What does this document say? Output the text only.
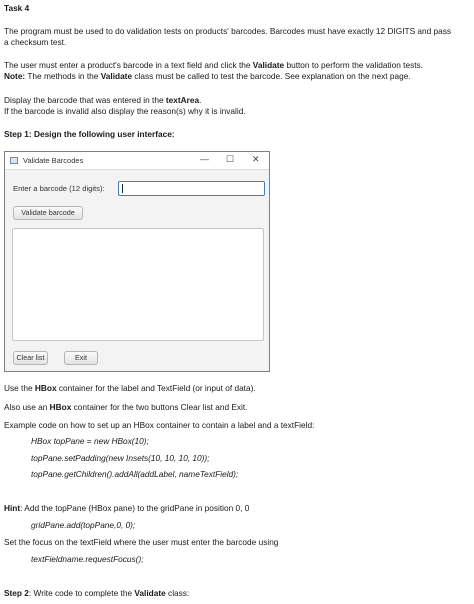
Task 4
The program must be used to do validation tests on products' barcodes. Barcodes must have exactly 12 DIGITS and pass
a checksum test.
The user must enter a product's barcode in a text field and click the Validate button to perform the validation tests.
Note: The methods in the Validate class must be called to test the barcode. See explanation on the next page.
Display the barcode that was entered in the textArea.
If the barcode is invalid also display the reason(s) why it is invalid.
Step 1: Design the following user interface:
Validate Barcodes	— ☐ ✕
Enter a barcode (12 digits):
Validate barcode
Clear list	Exit
Use the HBox container for the label and TextField (or input of data).
Also use an HBox container for the two buttons Clear list and Exit.
Example code on how to set up an HBox container to contain a label and a textField:
HBox topPane = new HBox(10);
topPane.setPadding(new Insets(10, 10, 10, 10));
topPane.getChildren().addAll(addLabel, nameTextField);
Hint: Add the topPane (HBox pane) to the gridPane in position 0, 0
gridPane.add(topPane,0, 0);
Set the focus on the textField where the user must enter the barcode using
textFieldname.requestFocus();
Step 2: Write code to complete the Validate class:
